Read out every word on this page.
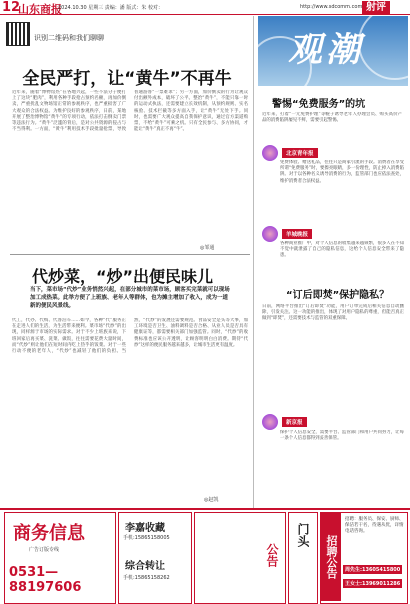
12
山东商报
2024.10.30 星期三 责编：潘 版式：朱 校对：	http://www.sdcomm.com 射评
识别二维码和我们聊聊
全民严打，让“黄牛”不再牛
近年来，随着“博物馆热”在各地兴起，一些不法分子便打上了这块“肥肉”，利用各种手段抢占预约名额，再加价倒卖，严重扰乱文物场馆正常的参观秩序，也严重损害了广大观众的合法权益。为维护良好的参观秩序，日前，某地开展了整治博物馆“黄牛”的专项行动，依法打击倒卖门票等违法行为。“黄牛”泛滥的背后，是对公共资源的侵占与不当得利。一方面，“黄牛”利用技术手段批量抢票，导致普通游客“一票难求”；另一方面，加价倒卖的行为让观众付出额外成本，破坏了公平。整治“黄牛”，不能只靠一时的运动式执法，还需要建立长效机制，从预约规则、实名核验、技术拦截等多方面入手，让“黄牛”无处下手。同时，也需要广大观众提高自我保护意识，通过官方渠道购票，不给“黄牛”可乘之机。只有全民参与、多方协同，才能让“黄牛”真正不再“牛”。
◎邹通
代炒菜，“炒”出便民味儿
当下，菜市场“代炒”业务悄然兴起，在部分城市的菜市场，顾客买完菜就可以现场加工成热菜。此举方便了上班族、老年人等群体，也为摊主增加了收入，成为一道新的便民风景线。
代工，代办、代购、代客泊车……如今，各种“代”服务正在走进人们的生活，为生活带来便利。菜市场“代炒”的出现，同样源于市场的实际需求。对于不少上班族来说，下班回家后再买菜、洗菜、做饭，往往需要花费大量时间，而“代炒”则让他们在短时间内吃上热乎的饭菜。对于一些行动不便的老年人，“代炒”也减轻了他们的负担。当然，“代炒”的发展还需要规范。食品安全是头等大事，加工环境是否卫生、油料调料是否合格、从业人员是否具有健康证等，都需要相关部门加强监管。同时，“代炒”的收费标准也应该公开透明，让顾客明明白白消费。期待“代炒”这样的便民服务越来越多，让城市生活更有温度。
◎赵凯
观潮
警惕“免费服务”的坑
近年来，打着“一元免费护理”等幌子诱导老年人办理会员、购买高价产品的消费陷阱屡见不鲜，需要引起警惕。
北京青年报
免费体验、赠送礼品，往往只是商家引流的手段。消费者在享受所谓“免费服务”时，要擦亮眼睛，多一份理性，防止掉入消费陷阱。对于以各种名义诱导消费的行为，监管部门也应依法查处，维护消费者合法权益。
羊城晚报
各种商业推广中，对个人信息的收集越来越频繁，很多人在不知不觉中就泄露了自己的隐私信息，这给个人信息安全带来了隐患。
“订后即焚”保护隐私？
日前，网络平台推出“订后即焚”功能，用户订单完成后相关信息自动删除，引发关注。这一功能的推出，体现了对用户隐私的尊重，但能否真正做到“即焚”，还需要技术与监管的双重保障。
新京报
保护个人信息安全，需要平台、监管部门和用户共同努力，让每一条个人信息都得到妥善保管。
商务信息
广告订版专线
0531—88197606
李嘉收藏
手机:15865158005
综合转让
手机:15865158262
公告
门头	招聘公告
招聘：服务员、保安、厨师、保洁若干名，待遇从优，详情电话咨询。
周先生:13605415800
王女士:13969011286
